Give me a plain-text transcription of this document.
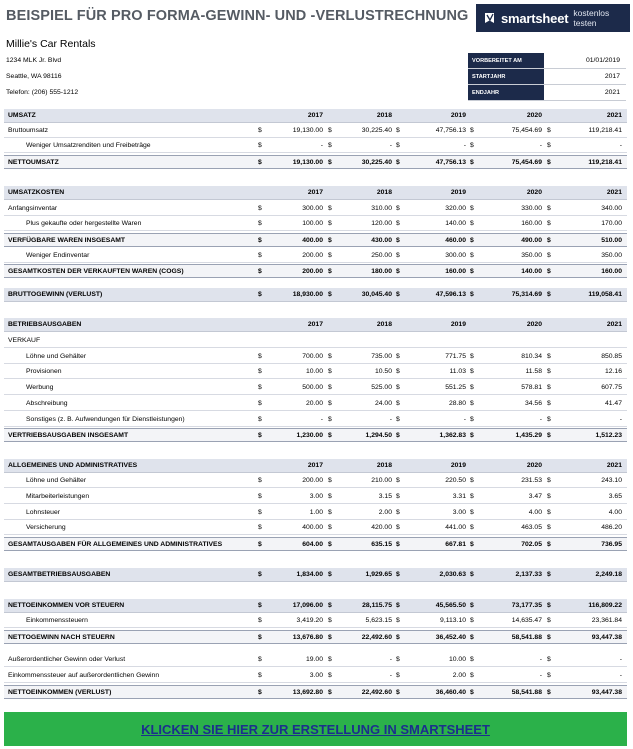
BEISPIEL FÜR PRO FORMA-GEWINN- UND -VERLUSTRECHNUNG	smartsheet kostenlos testen
Millie's Car Rentals
1234 MLK Jr. Blvd
Seattle, WA 98116
Telefon: (206) 555-1212
VORBEREITET AM	01/01/2019
STARTJAHR	2017
ENDJAHR	2021
UMSATZ	2017	2018	2019	2020	2021
Bruttoumsatz	$	19,130.00 $	30,225.40 $	47,756.13 $	75,454.69 $	119,218.41
Weniger Umsatzrenditen und Freibeträge	$	- $	- $	- $	- $	-
NETTOUMSATZ	$	19,130.00 $	30,225.40 $	47,756.13 $	75,454.69 $	119,218.41
UMSATZKOSTEN	2017	2018	2019	2020	2021
Anfangsinventar	$	300.00 $	310.00 $	320.00 $	330.00 $	340.00
Plus gekaufte oder hergestellte Waren	$	100.00 $	120.00 $	140.00 $	160.00 $	170.00
VERFÜGBARE WAREN INSGESAMT	$	400.00 $	430.00 $	460.00 $	490.00 $	510.00
Weniger Endinventar	$	200.00 $	250.00 $	300.00 $	350.00 $	350.00
GESAMTKOSTEN DER VERKAUFTEN WAREN (COGS)	$	200.00 $	180.00 $	160.00 $	140.00 $	160.00
BRUTTOGEWINN (VERLUST)	$	18,930.00 $	30,045.40 $	47,596.13 $	75,314.69 $	119,058.41
BETRIEBSAUSGABEN	2017	2018	2019	2020	2021
VERKAUF
Löhne und Gehälter	$	700.00 $	735.00 $	771.75 $	810.34 $	850.85
Provisionen	$	10.00 $	10.50 $	11.03 $	11.58 $	12.16
Werbung	$	500.00 $	525.00 $	551.25 $	578.81 $	607.75
Abschreibung	$	20.00 $	24.00 $	28.80 $	34.56 $	41.47
Sonstiges (z. B. Aufwendungen für Dienstleistungen)	$	- $	- $	- $	- $	-
VERTRIEBSAUSGABEN INSGESAMT	$	1,230.00 $	1,294.50 $	1,362.83 $	1,435.29 $	1,512.23
ALLGEMEINES UND ADMINISTRATIVES	2017	2018	2019	2020	2021
Löhne und Gehälter	$	200.00 $	210.00 $	220.50 $	231.53 $	243.10
Mitarbeiterleistungen	$	3.00 $	3.15 $	3.31 $	3.47 $	3.65
Lohnsteuer	$	1.00 $	2.00 $	3.00 $	4.00 $	4.00
Versicherung	$	400.00 $	420.00 $	441.00 $	463.05 $	486.20
GESAMTAUSGABEN FÜR ALLGEMEINES UND ADMINISTRATIVES	$	604.00 $	635.15 $	667.81 $	702.05 $	736.95
GESAMTBETRIEBSAUSGABEN	$	1,834.00 $	1,929.65 $	2,030.63 $	2,137.33 $	2,249.18
NETTOEINKOMMEN VOR STEUERN	$	17,096.00 $	28,115.75 $	45,565.50 $	73,177.35 $	116,809.22
Einkommenssteuern	$	3,419.20 $	5,623.15 $	9,113.10 $	14,635.47 $	23,361.84
NETTOGEWINN NACH STEUERN	$	13,676.80 $	22,492.60 $	36,452.40 $	58,541.88 $	93,447.38
Außerordentlicher Gewinn oder Verlust	$	19.00 $	- $	10.00 $	- $	-
Einkommenssteuer auf außerordentlichen Gewinn	$	3.00 $	- $	2.00 $	- $	-
NETTOEINKOMMEN (VERLUST)	$	13,692.80 $	22,492.60 $	36,460.40 $	58,541.88 $	93,447.38
KLICKEN SIE HIER ZUR ERSTELLUNG IN SMARTSHEET
